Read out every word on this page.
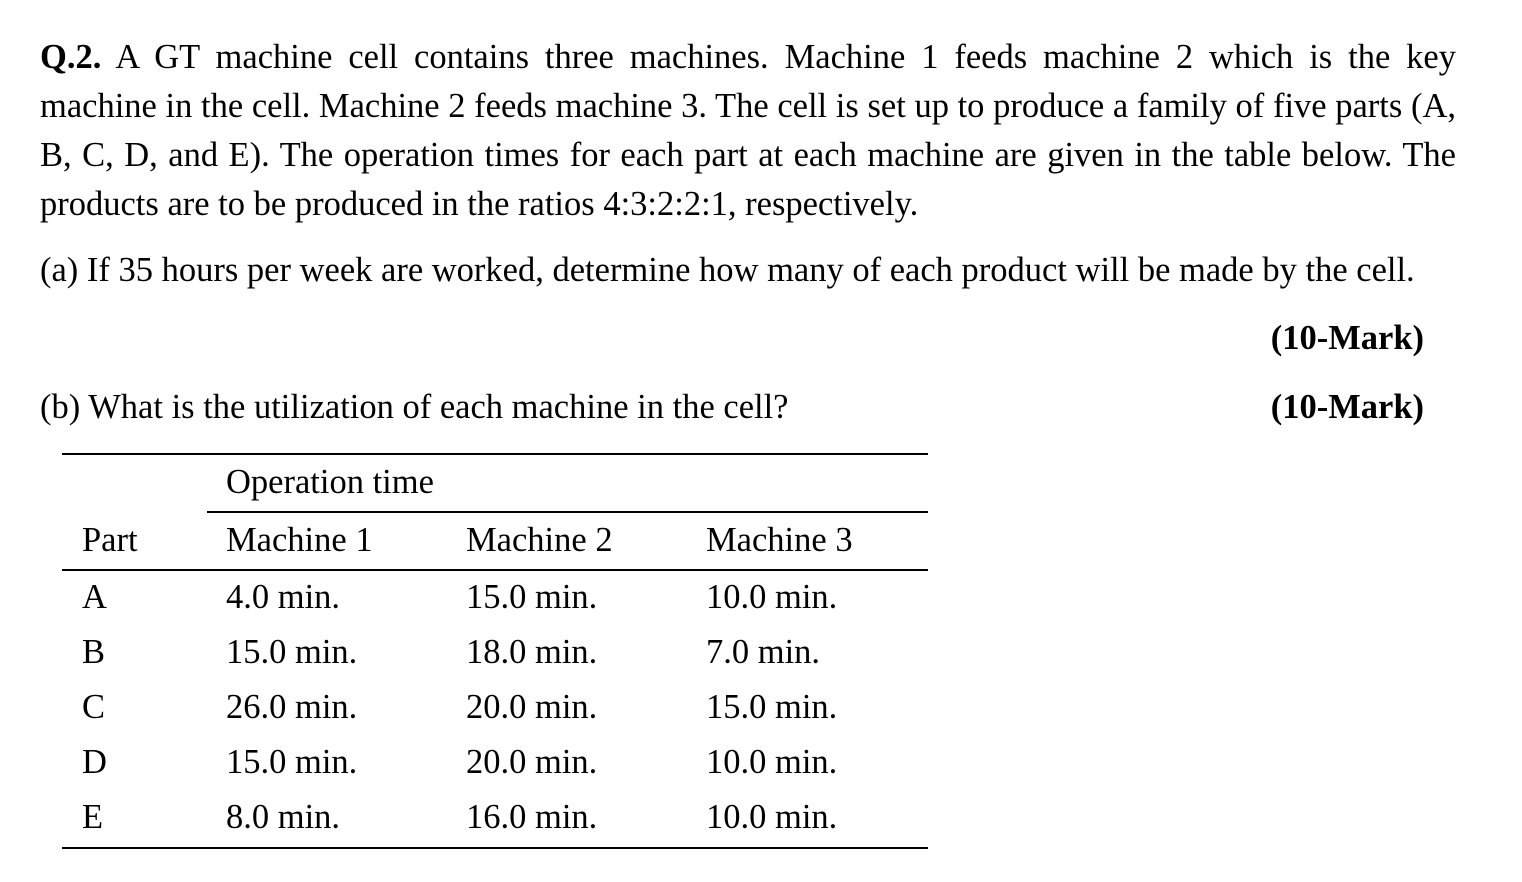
Q.2. A GT machine cell contains three machines. Machine 1 feeds machine 2 which is the key machine in the cell. Machine 2 feeds machine 3. The cell is set up to produce a family of five parts (A, B, C, D, and E). The operation times for each part at each machine are given in the table below. The products are to be produced in the ratios 4:3:2:2:1, respectively.

(a) If 35 hours per week are worked, determine how many of each product will be made by the cell.

(10-Mark)

(b) What is the utilization of each machine in the cell?	(10-Mark)
Operation time
Part	Machine 1	Machine 2	Machine 3
A	4.0 min.	15.0 min.	10.0 min.
B	15.0 min.	18.0 min.	7.0 min.
C	26.0 min.	20.0 min.	15.0 min.
D	15.0 min.	20.0 min.	10.0 min.
E	8.0 min.	16.0 min.	10.0 min.
